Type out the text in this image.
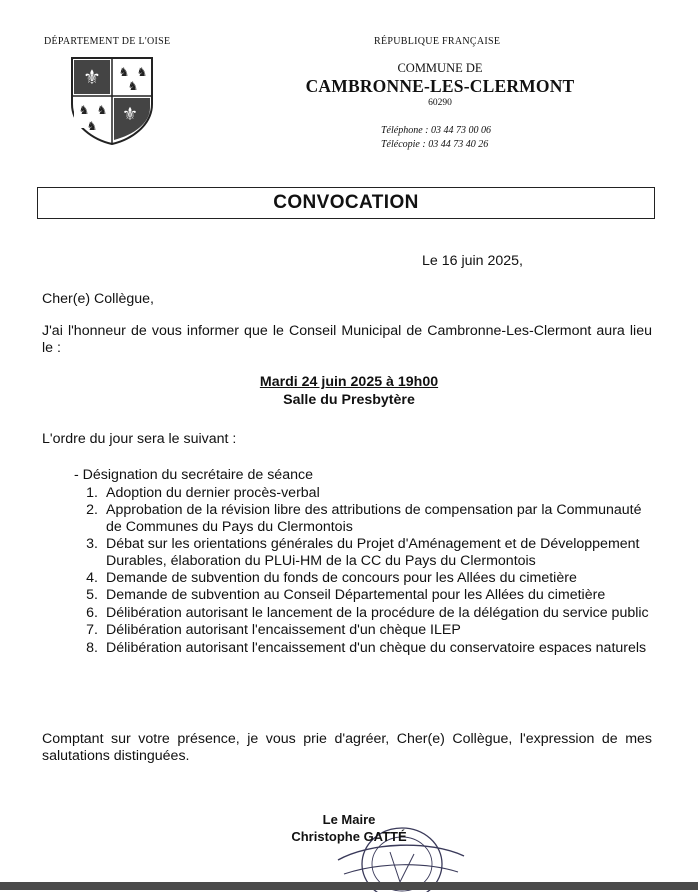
DÉPARTEMENT DE L'OISE
⚜ ♞ ♞
♞
♞ ♞
♞
⚜
RÉPUBLIQUE FRANÇAISE
COMMUNE DE
CAMBRONNE-LES-CLERMONT
60290
Téléphone : 03 44 73 00 06
Télécopie : 03 44 73 40 26
CONVOCATION
Le 16 juin 2025,
Cher(e) Collègue,
J'ai l'honneur de vous informer que le Conseil Municipal de Cambronne-Les-Clermont aura lieu le :
Mardi 24 juin 2025 à 19h00
Salle du Presbytère
L'ordre du jour sera le suivant :
- Désignation du secrétaire de séance
1. Adoption du dernier procès-verbal
2. Approbation de la révision libre des attributions de compensation par la Communauté de Communes du Pays du Clermontois
3. Débat sur les orientations générales du Projet d'Aménagement et de Développement Durables, élaboration du PLUi-HM de la CC du Pays du Clermontois
4. Demande de subvention du fonds de concours pour les Allées du cimetière
5. Demande de subvention au Conseil Départemental pour les Allées du cimetière
6. Délibération autorisant le lancement de la procédure de la délégation du service public
7. Délibération autorisant l'encaissement d'un chèque ILEP
8. Délibération autorisant l'encaissement d'un chèque du conservatoire espaces naturels
Comptant sur votre présence, je vous prie d'agréer, Cher(e) Collègue, l'expression de mes salutations distinguées.
Le Maire
Christophe GATTÉ
